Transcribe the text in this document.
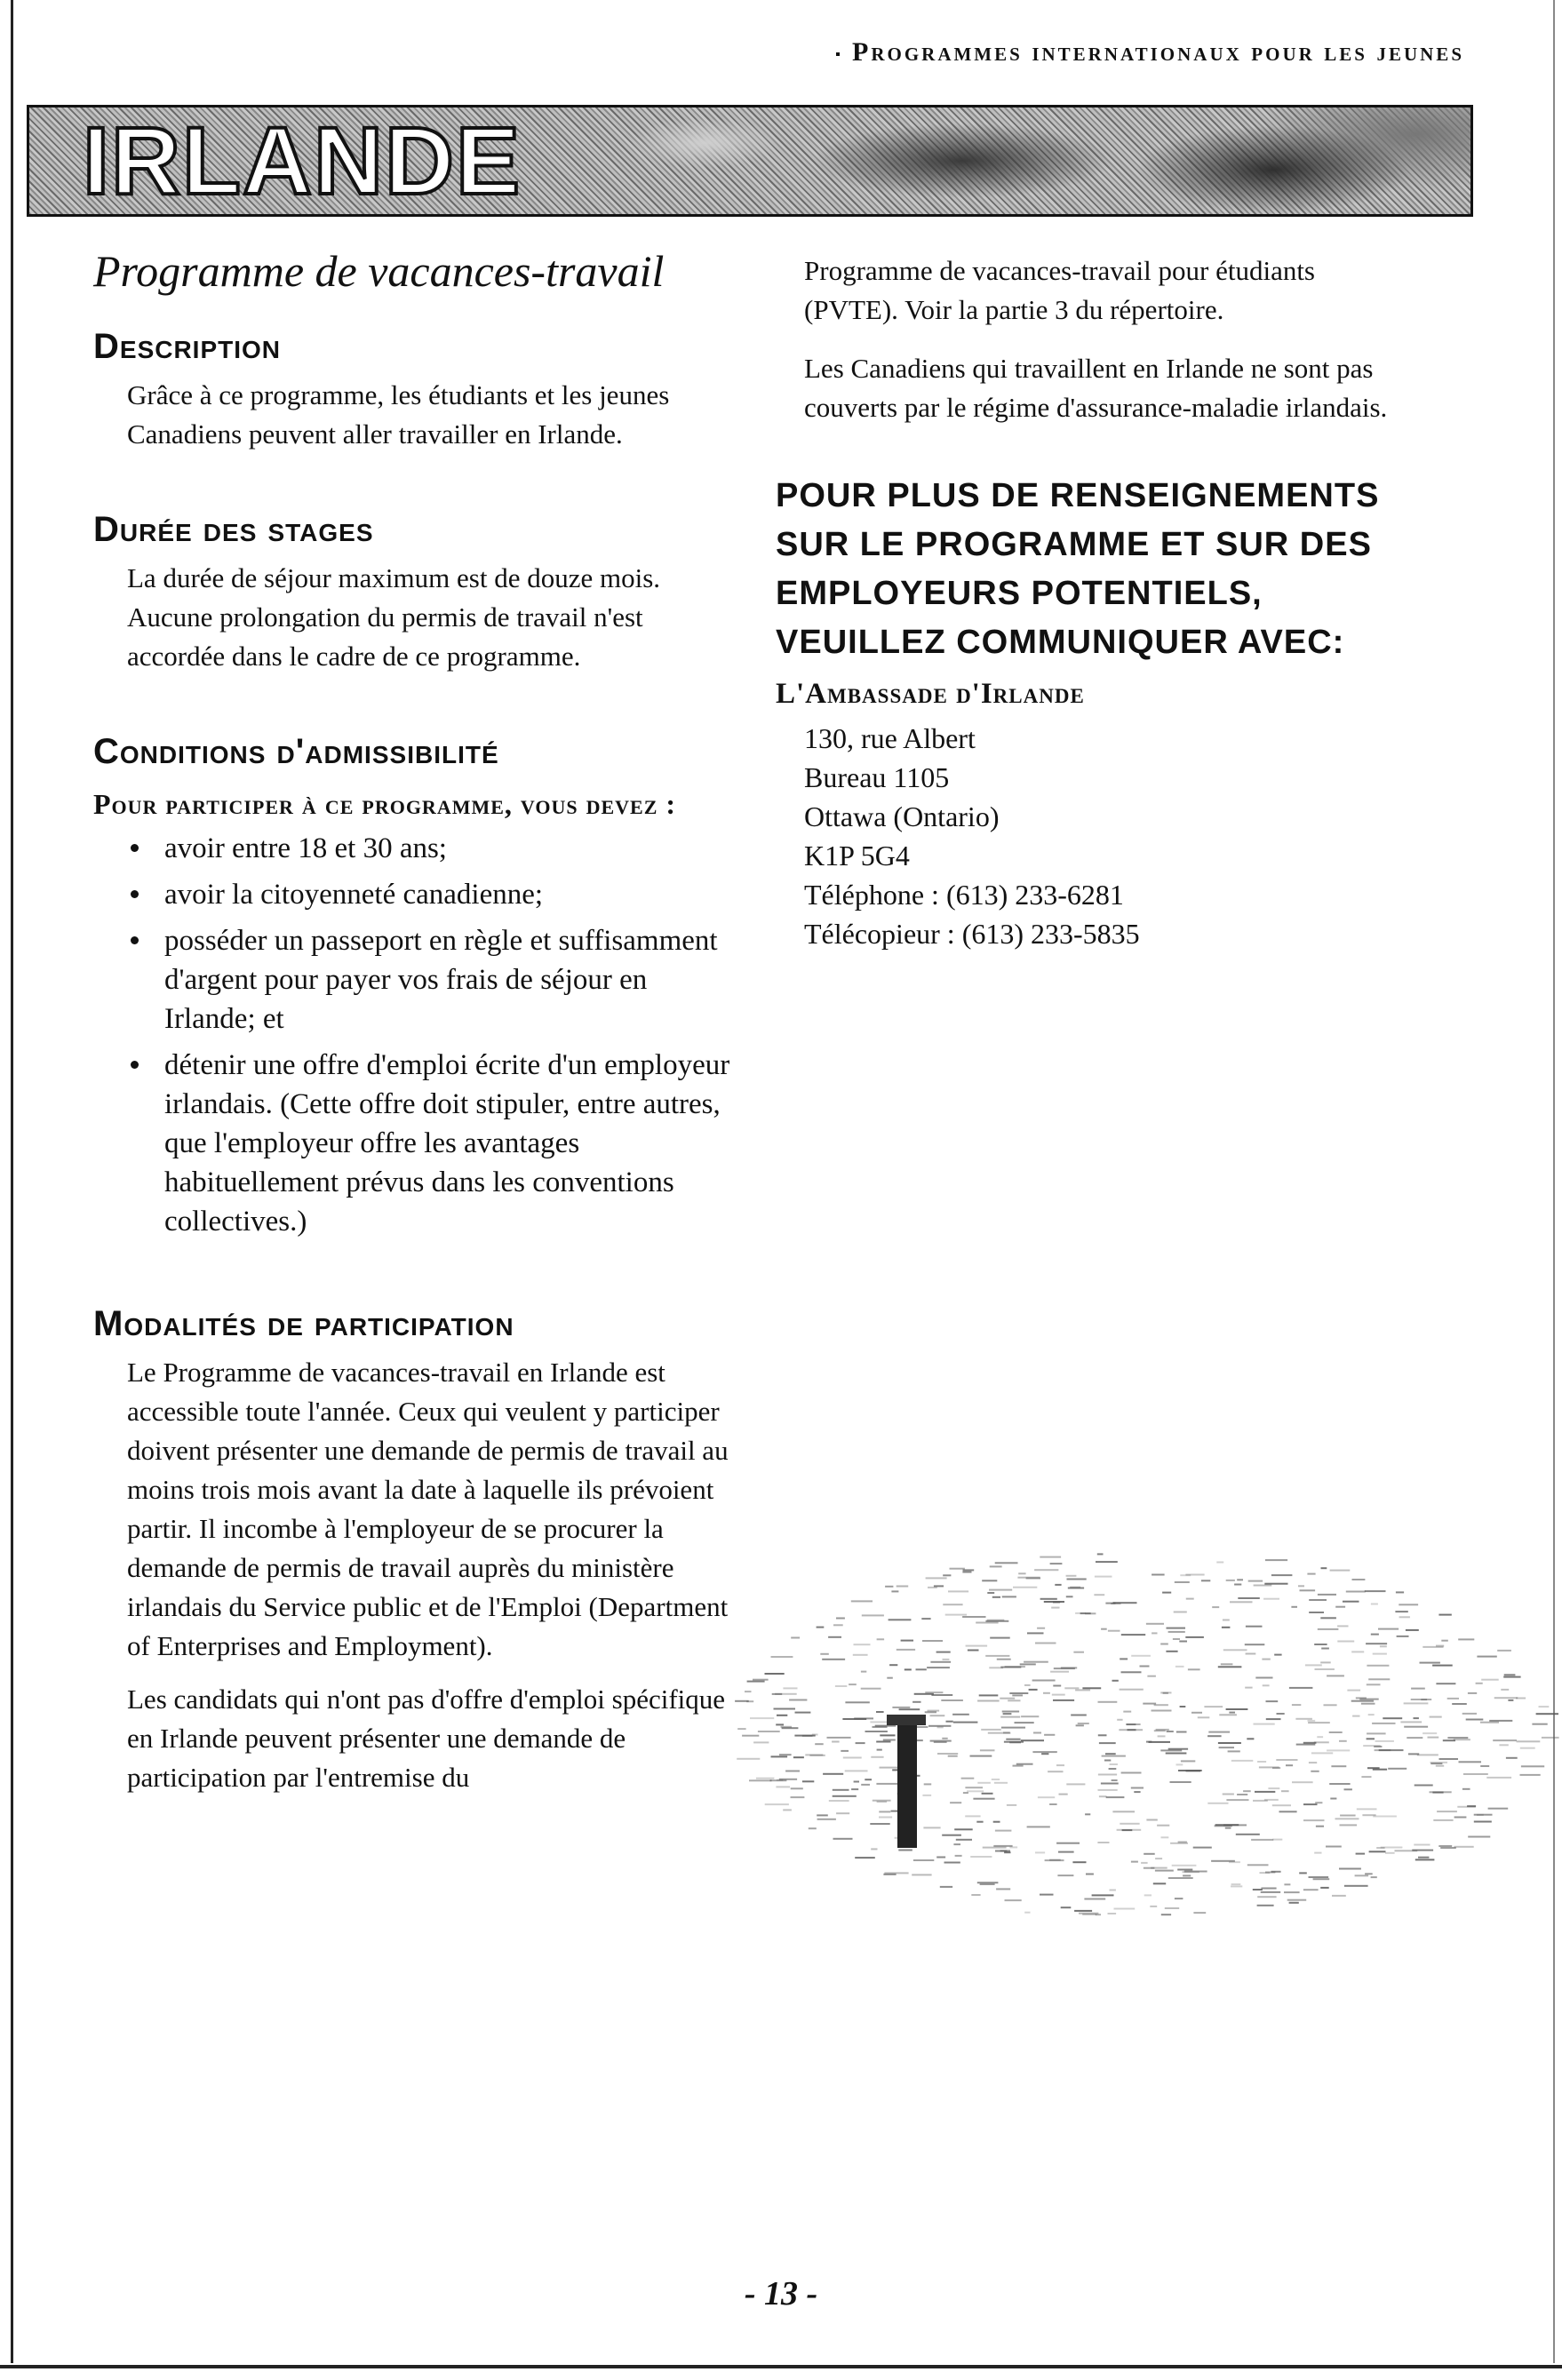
Programmes internationaux pour les jeunes
IRLANDE
Programme de vacances-travail
Description
Grâce à ce programme, les étudiants et les jeunes Canadiens peuvent aller travailler en Irlande.
Durée des stages
La durée de séjour maximum est de douze mois. Aucune prolongation du permis de travail n'est accordée dans le cadre de ce programme.
Conditions d'admissibilité
Pour participer à ce programme, vous devez :
avoir entre 18 et 30 ans;
avoir la citoyenneté canadienne;
posséder un passeport en règle et suffisamment d'argent pour payer vos frais de séjour en Irlande; et
détenir une offre d'emploi écrite d'un employeur irlandais. (Cette offre doit stipuler, entre autres, que l'employeur offre les avantages habituellement prévus dans les conventions collectives.)
Modalités de participation
Le Programme de vacances-travail en Irlande est accessible toute l'année. Ceux qui veulent y participer doivent présenter une demande de permis de travail au moins trois mois avant la date à laquelle ils prévoient partir. Il incombe à l'employeur de se procurer la demande de permis de travail auprès du ministère irlandais du Service public et de l'Emploi (Department of Enterprises and Employment).
Les candidats qui n'ont pas d'offre d'emploi spécifique en Irlande peuvent présenter une demande de participation par l'entremise du
Programme de vacances-travail pour étudiants (PVTE). Voir la partie 3 du répertoire.
Les Canadiens qui travaillent en Irlande ne sont pas couverts par le régime d'assurance-maladie irlandais.
POUR PLUS DE RENSEIGNEMENTS SUR LE PROGRAMME ET SUR DES EMPLOYEURS POTENTIELS, VEUILLEZ COMMUNIQUER AVEC:
L'Ambassade d'Irlande
130, rue Albert
Bureau 1105
Ottawa (Ontario)
K1P 5G4
Téléphone : (613) 233-6281
Télécopieur : (613) 233-5835
- 13 -
